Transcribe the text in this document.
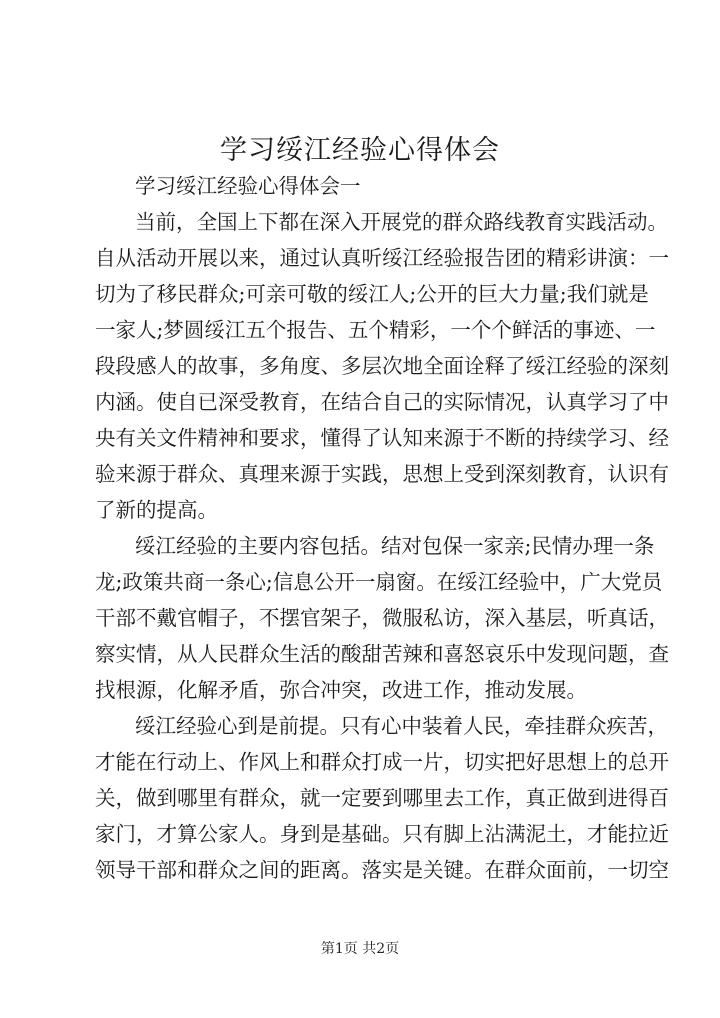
学习绥江经验心得体会
学习绥江经验心得体会一
当前，全国上下都在深入开展党的群众路线教育实践活动。
自从活动开展以来，通过认真听绥江经验报告团的精彩讲演：一
切为了移民群众;可亲可敬的绥江人;公开的巨大力量;我们就是
一家人;梦圆绥江五个报告、五个精彩，一个个鲜活的事迹、一
段段感人的故事，多角度、多层次地全面诠释了绥江经验的深刻
内涵。使自已深受教育，在结合自己的实际情况，认真学习了中
央有关文件精神和要求，懂得了认知来源于不断的持续学习、经
验来源于群众、真理来源于实践，思想上受到深刻教育，认识有
了新的提高。
绥江经验的主要内容包括。结对包保一家亲;民情办理一条
龙;政策共商一条心;信息公开一扇窗。在绥江经验中，广大党员
干部不戴官帽子，不摆官架子，微服私访，深入基层，听真话，
察实情，从人民群众生活的酸甜苦辣和喜怒哀乐中发现问题，查
找根源，化解矛盾，弥合冲突，改进工作，推动发展。
绥江经验心到是前提。只有心中装着人民，牵挂群众疾苦，
才能在行动上、作风上和群众打成一片，切实把好思想上的总开
关，做到哪里有群众，就一定要到哪里去工作，真正做到进得百
家门，才算公家人。身到是基础。只有脚上沾满泥土，才能拉近
领导干部和群众之间的距离。落实是关键。在群众面前，一切空
第1页 共2页
